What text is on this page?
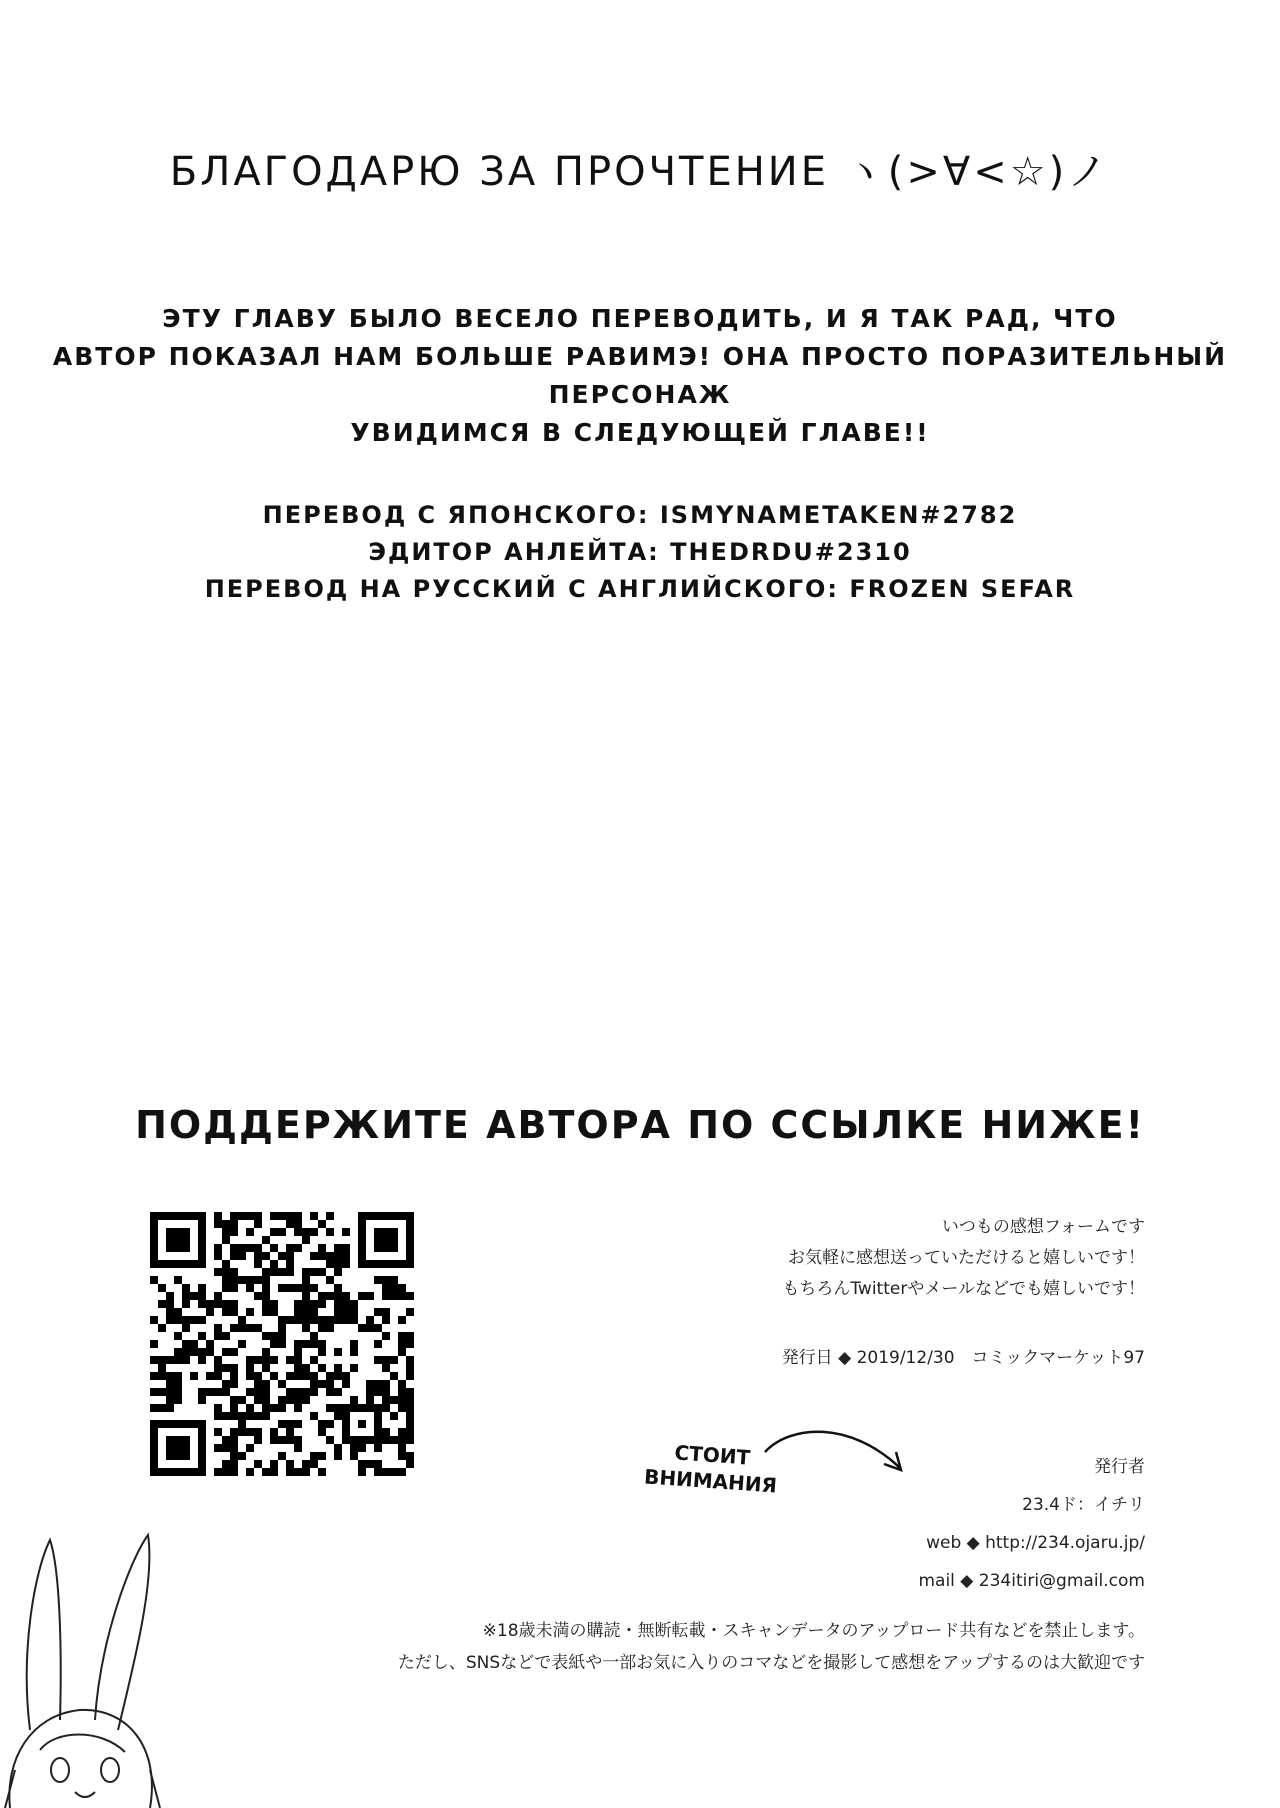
БЛАГОДАРЮ ЗА ПРОЧТЕНИЕ ヽ(>∀<☆)ノ
ЭТУ ГЛАВУ БЫЛО ВЕСЕЛО ПЕРЕВОДИТЬ, И Я ТАК РАД, ЧТО
АВТОР ПОКАЗАЛ НАМ БОЛЬШЕ РАВИМЭ! ОНА ПРОСТО ПОРАЗИТЕЛЬНЫЙ ПЕРСОНАЖ
УВИДИМСЯ В СЛЕДУЮЩЕЙ ГЛАВЕ!!
ПЕРЕВОД С ЯПОНСКОГО: ISMYNAMETAKEN#2782
ЭДИТОР АНЛЕЙТА: THEDRDU#2310
ПЕРЕВОД НА РУССКИЙ С АНГЛИЙСКОГО: FROZEN SEFAR
ПОДДЕРЖИТЕ АВТОРА ПО ССЫЛКЕ НИЖЕ!
いつもの感想フォームです
お気軽に感想送っていただけると嬉しいです！
もちろんTwitterやメールなどでも嬉しいです！
発行日 ◆ 2019/12/30　コミックマーケット97
СТОИТ
ВНИМАНИЯ	発行者
23.4ド：イチリ
web ◆ http://234.ojaru.jp/
mail ◆ 234itiri@gmail.com
※18歳未満の購読・無断転載・スキャンデータのアップロード共有などを禁止します。
ただし、SNSなどで表紙や一部お気に入りのコマなどを撮影して感想をアップするのは大歓迎です
